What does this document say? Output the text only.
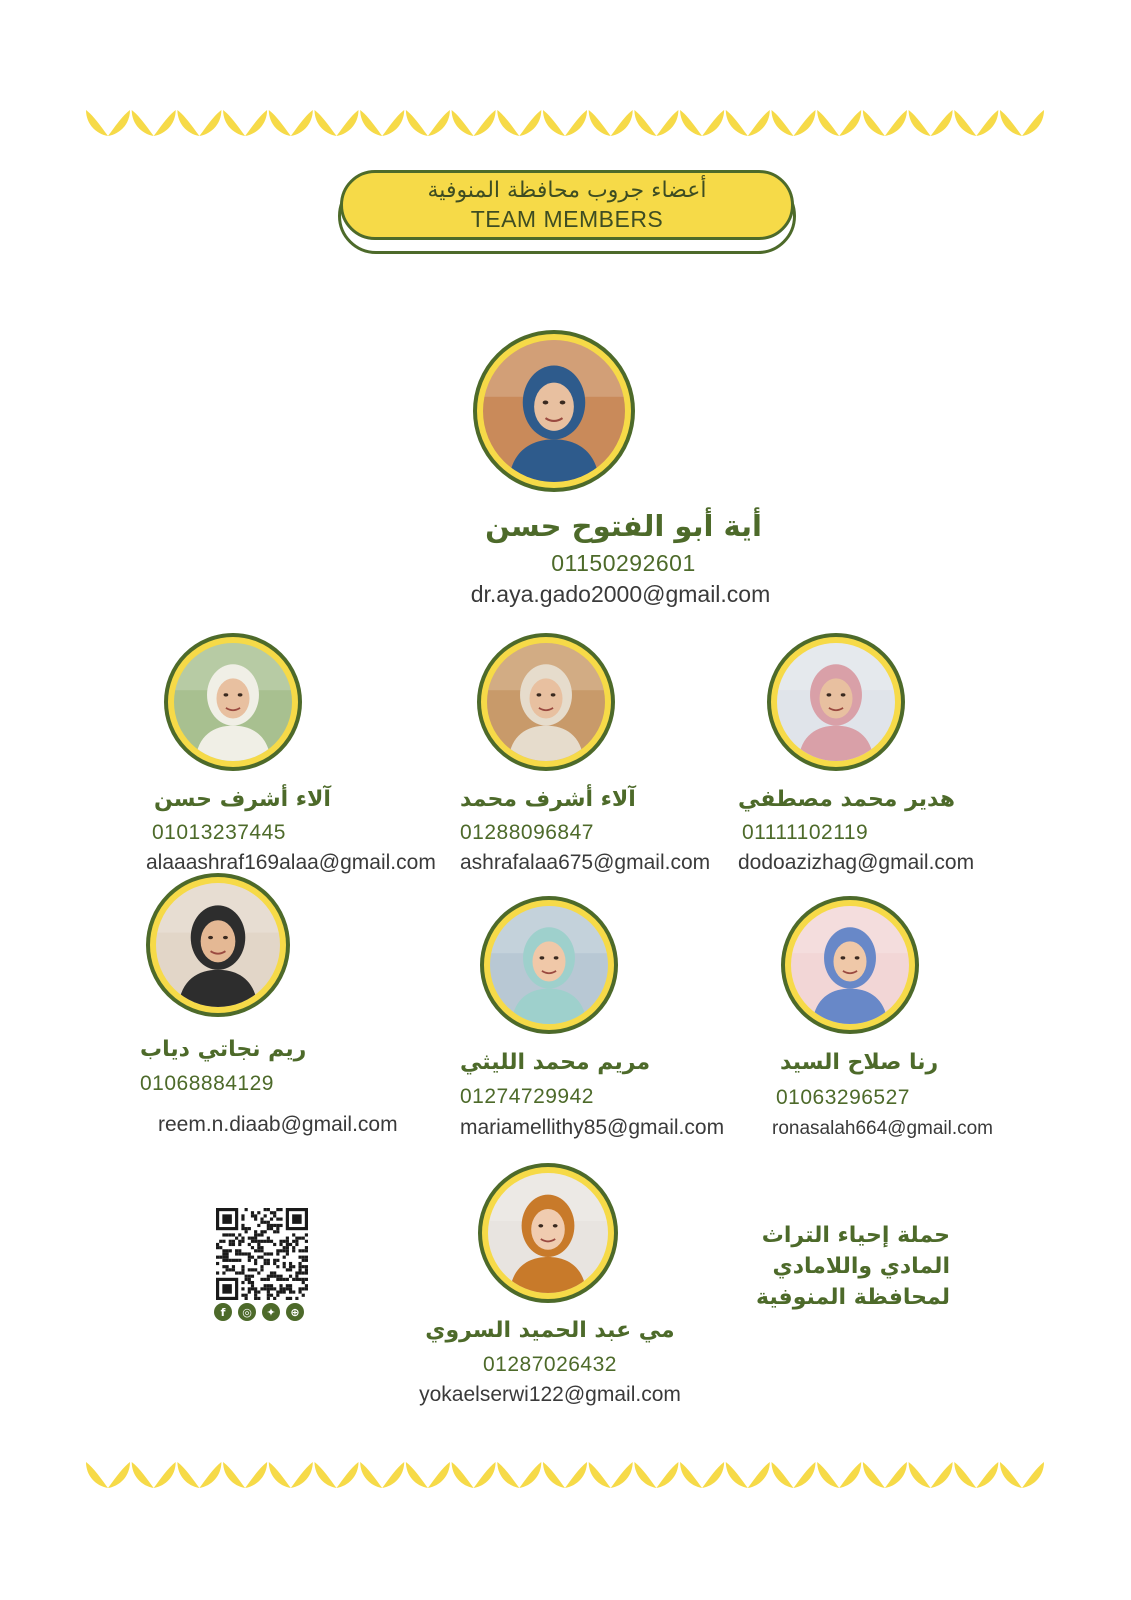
أعضاء جروب محافظة المنوفية
TEAM MEMBERS
أية أبو الفتوح حسن
01150292601
dr.aya.gado2000@gmail.com
آلاء أشرف حسن
01013237445
alaaashraf169alaa@gmail.com
آلاء أشرف محمد
01288096847
ashrafalaa675@gmail.com
هدير محمد مصطفي
01111102119
dodoazizhag@gmail.com
ريم نجاتي دياب
01068884129
reem.n.diaab@gmail.com
مريم محمد الليثي
01274729942
mariamellithy85@gmail.com
رنا صلاح السيد
01063296527
ronasalah664@gmail.com
مي عبد الحميد السروي
01287026432
yokaelserwi122@gmail.com
f	◎	✦	⊕
حملة إحياء التراث
المادي واللامادي
لمحافظة المنوفية
